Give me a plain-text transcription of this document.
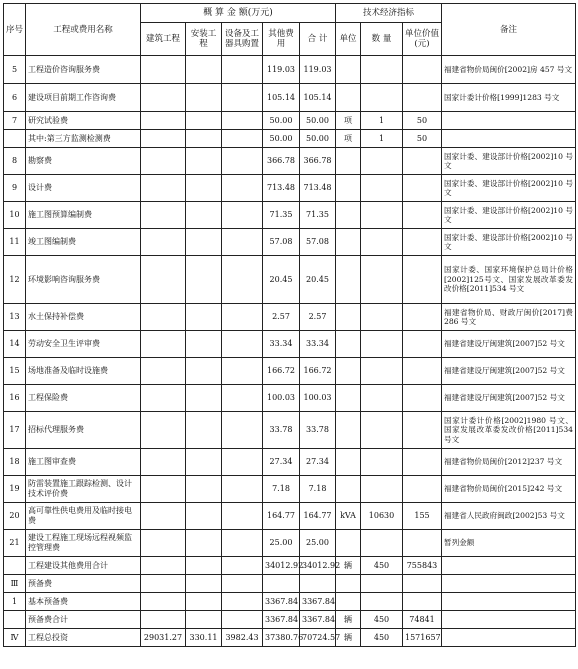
序号	工程或费用名称	概 算 金 额(万元)					技术经济指标			备注
		建筑工程	安装工程	设备及工器具购置	其他费用	合 计	单位	数 量	单位价值(元)	
5	工程造价咨询服务费				119.03	119.03				福建省物价局闽价[2002]房 457 号文
6	建设项目前期工作咨询费				105.14	105.14				国家计委计价格[1999]1283 号文
7	研究试验费				50.00	50.00	项	1	50	
	其中:第三方监测检测费				50.00	50.00	项	1	50	
8	勘察费				366.78	366.78				国家计委、建设部计价格[2002]10 号文
9	设计费				713.48	713.48				国家计委、建设部计价格[2002]10 号文
10	施工图预算编制费				71.35	71.35				国家计委、建设部计价格[2002]10 号文
11	竣工图编制费				57.08	57.08				国家计委、建设部计价格[2002]10 号文
12	环境影响咨询服务费				20.45	20.45				国家计委、国家环境保护总局计价格[2002]125号文、国家发展改革委发改价格[2011]534 号文
13	水土保持补偿费				2.57	2.57				福建省物价局、财政厅闽价[2017]费 286 号文
14	劳动安全卫生评审费				33.34	33.34				福建省建设厅闽建筑[2007]52 号文
15	场地准备及临时设施费				166.72	166.72				福建省建设厅闽建筑[2007]52 号文
16	工程保险费				100.03	100.03				福建省建设厅闽建筑[2007]52 号文
17	招标代理服务费				33.78	33.78				国家计委计价格[2002]1980 号文、国家发展改革委发改价格[2011]534号文
18	施工图审查费				27.34	27.34				福建省物价局闽价[2012]237 号文
19	防雷装置施工跟踪检测、设计技术评价费				7.18	7.18				福建省物价局闽价[2015]242 号文
20	高可靠性供电费用及临时接电费				164.77	164.77	kVA	10630	155	福建省人民政府闽政[2002]53 号文
21	建设工程施工现场远程视频监控管理费				25.00	25.00				暂列金额
	工程建设其他费用合计				34012.92	34012.92	辆	450	755843	
Ⅲ	预备费									
1	基本预备费				3367.84	3367.84				
	预备费合计				3367.84	3367.84	辆	450	74841	
Ⅳ	工程总投资	29031.27	330.11	3982.43	37380.76	70724.57	辆	450	1571657	
